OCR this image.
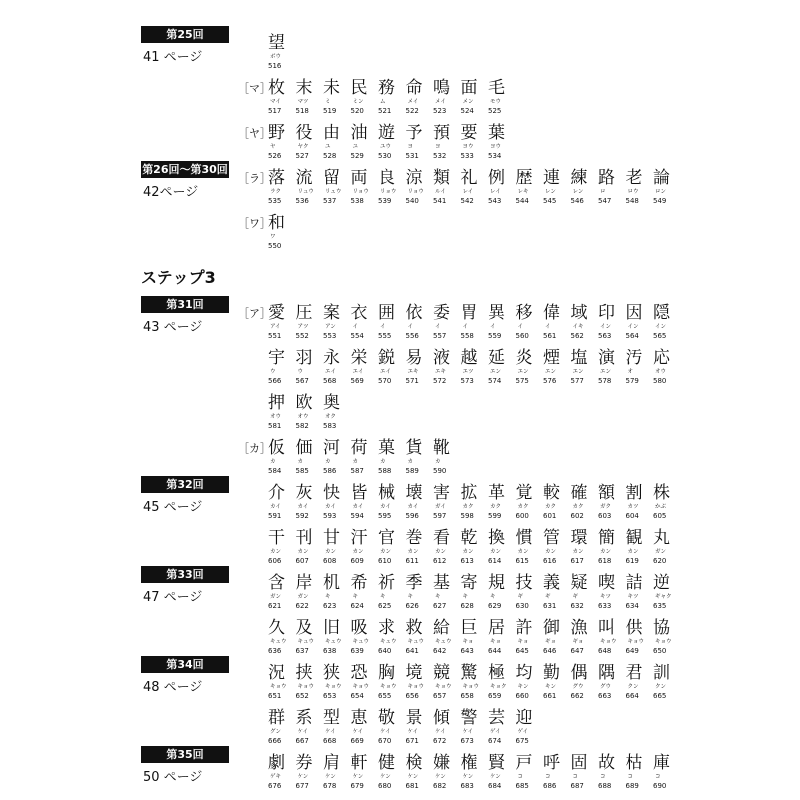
ステップ3
第25回
41 ページ
第26回～第30回
42ページ
第31回
43 ページ
第32回
45 ページ
第33回
47 ページ
第34回
48 ページ
第35回
50 ページ
［マ］
［ヤ］
［ラ］
［ワ］
［ア］
［カ］
望
ボウ
516
枚
マイ
517
末
マツ
518
未
ミ
519
民
ミン
520
務
ム
521
命
メイ
522
鳴
メイ
523
面
メン
524
毛
モウ
525
野
ヤ
526
役
ヤク
527
由
ユ
528
油
ユ
529
遊
ユウ
530
予
ヨ
531
預
ヨ
532
要
ヨウ
533
葉
ヨウ
534
落
ラク
535
流
リュウ
536
留
リュウ
537
両
リョウ
538
良
リョウ
539
涼
リョウ
540
類
ルイ
541
礼
レイ
542
例
レイ
543
歴
レキ
544
連
レン
545
練
レン
546
路
ロ
547
老
ロウ
548
論
ロン
549
和
ワ
550
愛
アイ
551
圧
アツ
552
案
アン
553
衣
イ
554
囲
イ
555
依
イ
556
委
イ
557
胃
イ
558
異
イ
559
移
イ
560
偉
イ
561
域
イキ
562
印
イン
563
因
イン
564
隠
イン
565
宇
ウ
566
羽
ウ
567
永
エイ
568
栄
エイ
569
鋭
エイ
570
易
エキ
571
液
エキ
572
越
エツ
573
延
エン
574
炎
エン
575
煙
エン
576
塩
エン
577
演
エン
578
汚
オ
579
応
オウ
580
押
オウ
581
欧
オウ
582
奥
オク
583
仮
カ
584
価
カ
585
河
カ
586
荷
カ
587
菓
カ
588
貨
カ
589
靴
カ
590
介
カイ
591
灰
カイ
592
快
カイ
593
皆
カイ
594
械
カイ
595
壊
カイ
596
害
ガイ
597
拡
カク
598
革
カク
599
覚
カク
600
較
カク
601
確
カク
602
額
ガク
603
割
カツ
604
株
かぶ
605
干
カン
606
刊
カン
607
甘
カン
608
汗
カン
609
官
カン
610
巻
カン
611
看
カン
612
乾
カン
613
換
カン
614
慣
カン
615
管
カン
616
環
カン
617
簡
カン
618
観
カン
619
丸
ガン
620
含
ガン
621
岸
ガン
622
机
キ
623
希
キ
624
祈
キ
625
季
キ
626
基
キ
627
寄
キ
628
規
キ
629
技
ギ
630
義
ギ
631
疑
ギ
632
喫
キツ
633
詰
キツ
634
逆
ギャク
635
久
キュウ
636
及
キュウ
637
旧
キュウ
638
吸
キュウ
639
求
キュウ
640
救
キュウ
641
給
キュウ
642
巨
キョ
643
居
キョ
644
許
キョ
645
御
ギョ
646
漁
ギョ
647
叫
キョウ
648
供
キョウ
649
協
キョウ
650
況
キョウ
651
挟
キョウ
652
狭
キョウ
653
恐
キョウ
654
胸
キョウ
655
境
キョウ
656
競
キョウ
657
驚
キョウ
658
極
キョク
659
均
キン
660
勤
キン
661
偶
グウ
662
隅
グウ
663
君
クン
664
訓
クン
665
群
グン
666
系
ケイ
667
型
ケイ
668
恵
ケイ
669
敬
ケイ
670
景
ケイ
671
傾
ケイ
672
警
ケイ
673
芸
ゲイ
674
迎
ゲイ
675
劇
ゲキ
676
券
ケン
677
肩
ケン
678
軒
ケン
679
健
ケン
680
検
ケン
681
嫌
ケン
682
権
ケン
683
賢
ケン
684
戸
コ
685
呼
コ
686
固
コ
687
故
コ
688
枯
コ
689
庫
コ
690
